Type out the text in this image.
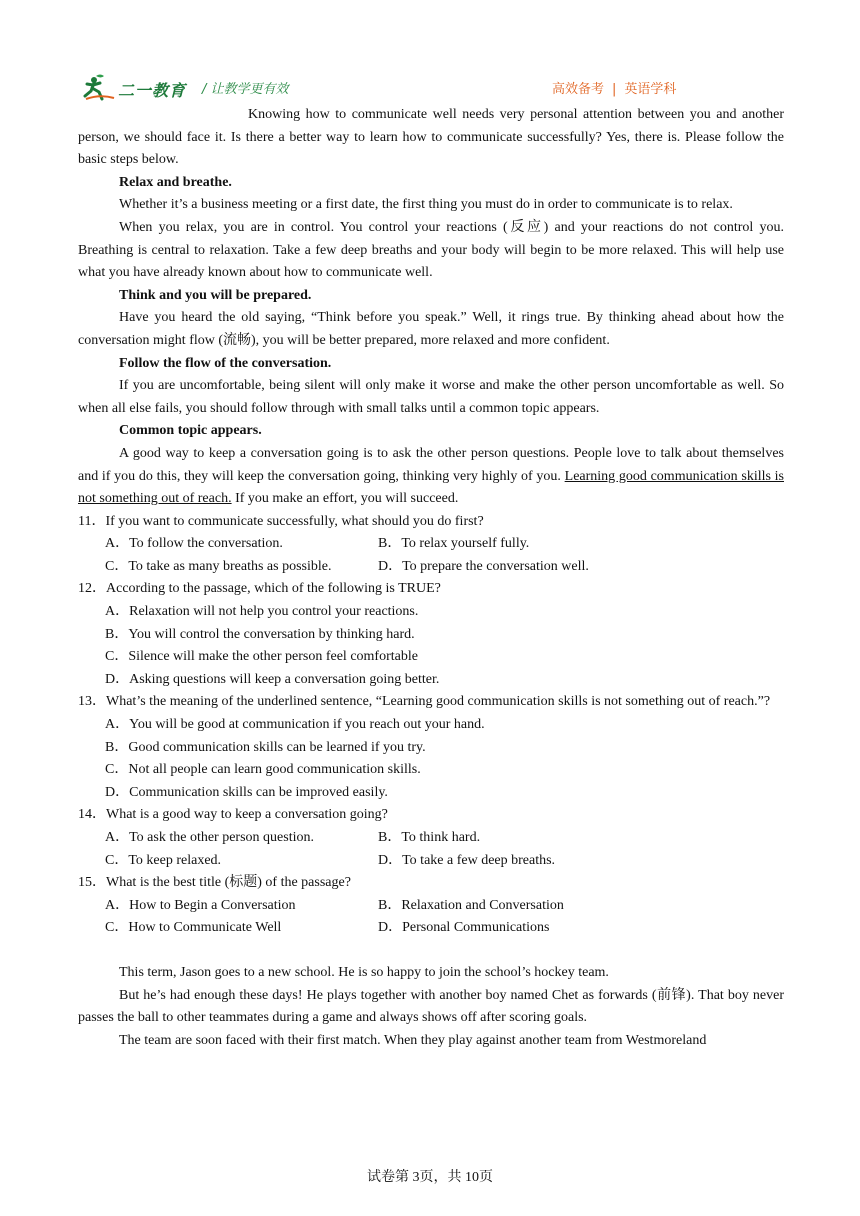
二一教育 / 让教学更有效	高效备考 | 英语学科

Knowing how to communicate well needs very personal attention between you and another person, we should face it. Is there a better way to learn how to communicate successfully? Yes, there is. Please follow the basic steps below.

Relax and breathe.

Whether it’s a business meeting or a first date, the first thing you must do in order to communicate is to relax.

When you relax, you are in control. You control your reactions (反应) and your reactions do not control you. Breathing is central to relaxation. Take a few deep breaths and your body will begin to be more relaxed. This will help use what you have already known about how to communicate well.

Think and you will be prepared.

Have you heard the old saying, “Think before you speak.” Well, it rings true. By thinking ahead about how the conversation might flow (流畅), you will be better prepared, more relaxed and more confident.

Follow the flow of the conversation.

If you are uncomfortable, being silent will only make it worse and make the other person uncomfortable as well. So when all else fails, you should follow through with small talks until a common topic appears.

Common topic appears.

A good way to keep a conversation going is to ask the other person questions. People love to talk about themselves and if you do this, they will keep the conversation going, thinking very highly of you. Learning good communication skills is not something out of reach. If you make an effort, you will succeed.

11．If you want to communicate successfully, what should you do first?
A．To follow the conversation.	B．To relax yourself fully.
C．To take as many breaths as possible.	D．To prepare the conversation well.
12．According to the passage, which of the following is TRUE?
A．Relaxation will not help you control your reactions.
B．You will control the conversation by thinking hard.
C．Silence will make the other person feel comfortable
D．Asking questions will keep a conversation going better.
13．What’s the meaning of the underlined sentence, “Learning good communication skills is not something out of reach.”?
A．You will be good at communication if you reach out your hand.
B．Good communication skills can be learned if you try.
C．Not all people can learn good communication skills.
D．Communication skills can be improved easily.
14．What is a good way to keep a conversation going?
A．To ask the other person question.	B．To think hard.
C．To keep relaxed.	D．To take a few deep breaths.
15．What is the best title (标题) of the passage?
A．How to Begin a Conversation	B．Relaxation and Conversation
C．How to Communicate Well	D．Personal Communications

This term, Jason goes to a new school. He is so happy to join the school’s hockey team.

But he’s had enough these days! He plays together with another boy named Chet as forwards (前锋). That boy never passes the ball to other teammates during a game and always shows off after scoring goals.

The team are soon faced with their first match. When they play against another team from Westmoreland

试卷第 3页，共 10页
